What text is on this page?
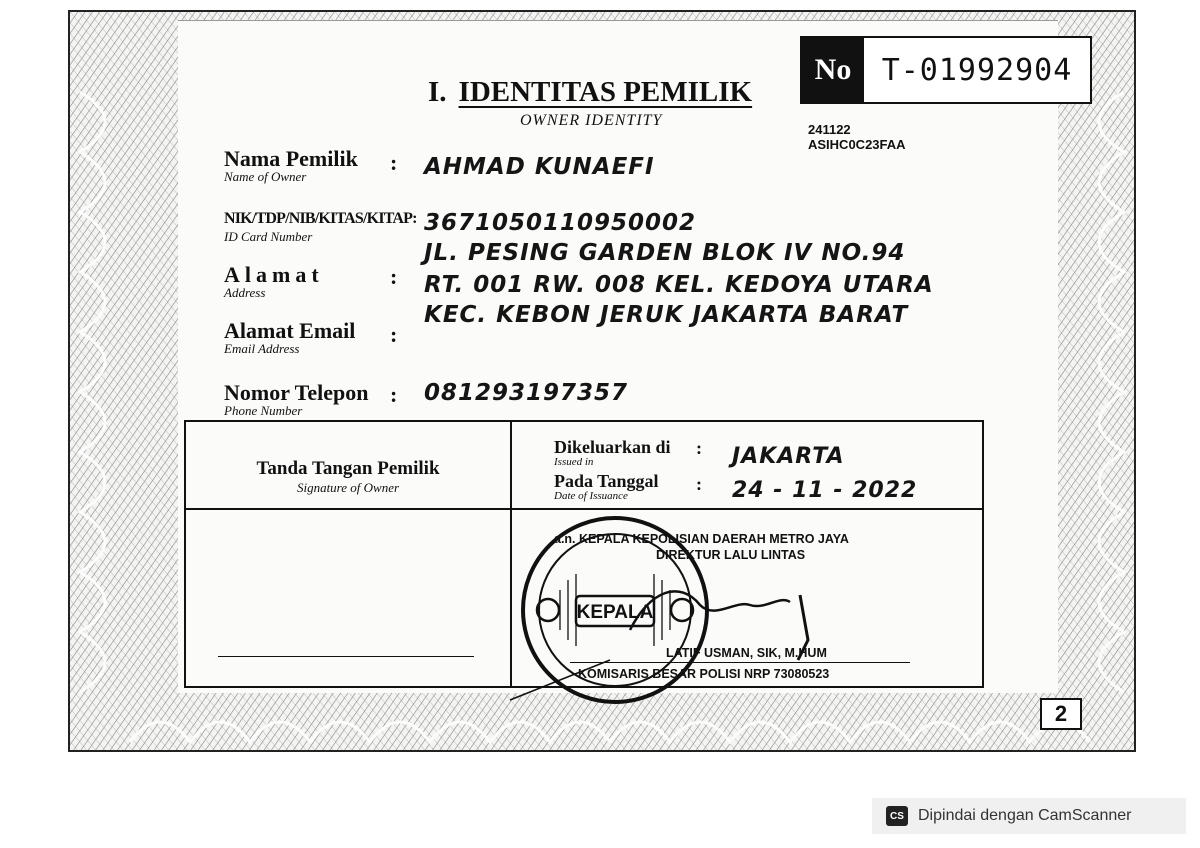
No	T-01992904
I. IDENTITAS PEMILIK
OWNER IDENTITY
241122
ASIHC0C23FAA
Nama Pemilik
Name of Owner
: AHMAD KUNAEFI
NIK/TDP/NIB/KITAS/KITAP:
ID Card Number
3671050110950002
Alamat
Address
:
JL. PESING GARDEN BLOK IV NO.94
RT. 001 RW. 008 KEL. KEDOYA UTARA
KEC. KEBON JERUK JAKARTA BARAT
Alamat Email
Email Address
:
Nomor Telepon
Phone Number
: 081293197357
Tanda Tangan Pemilik
Signature of Owner
Dikeluarkan di
Issued in
: JAKARTA
Pada Tanggal
Date of Issuance
: 24 - 11 - 2022
a.n. KEPALA KEPOLISIAN DAERAH METRO JAYA
DIREKTUR LALU LINTAS
LATIF USMAN, SIK, M.HUM
KOMISARIS BESAR POLISI NRP 73080523
KEPALA
2
CS Dipindai dengan CamScanner
